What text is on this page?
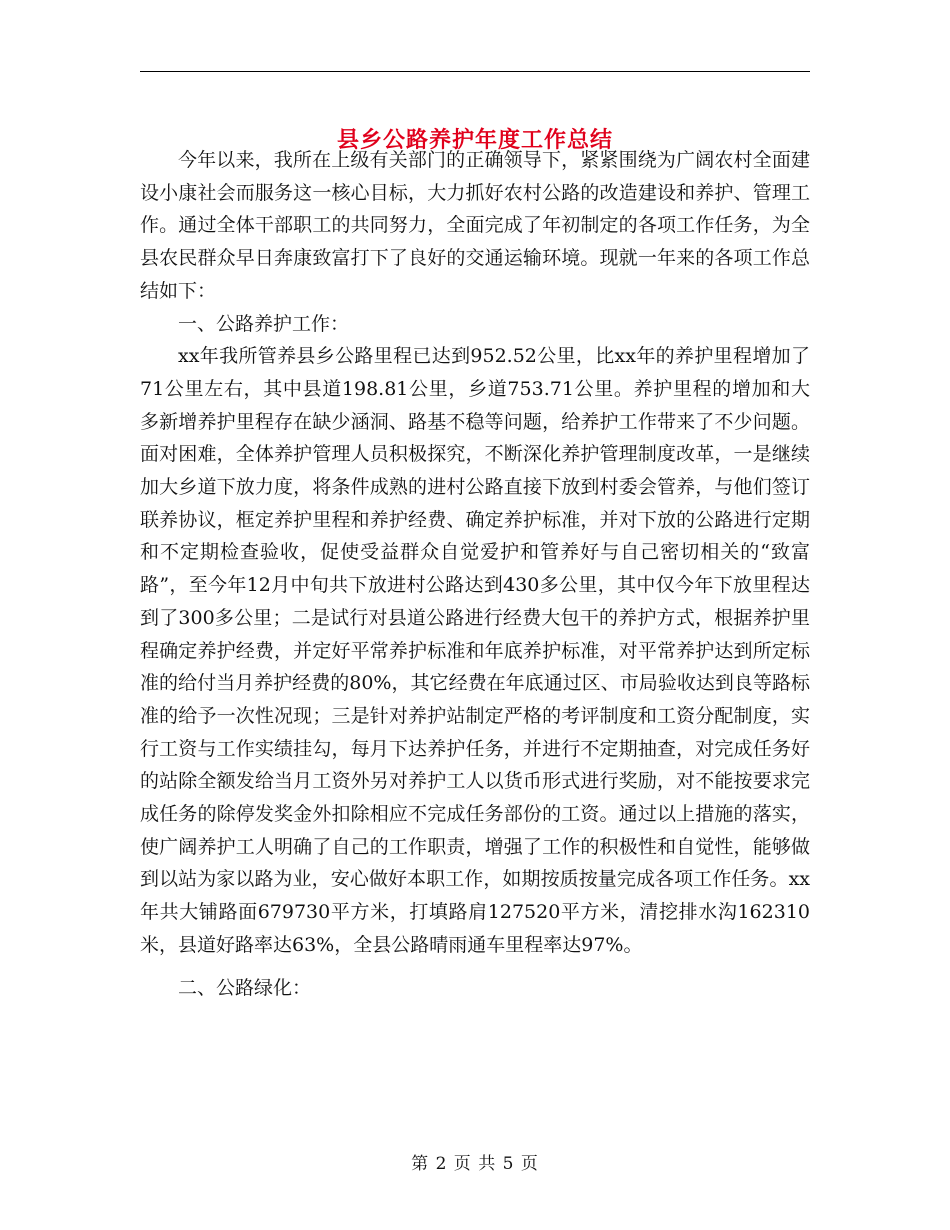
县乡公路养护年度工作总结

今年以来，我所在上级有关部门的正确领导下，紧紧围绕为广阔农村全面建设小康社会而服务这一核心目标，大力抓好农村公路的改造建设和养护、管理工作。通过全体干部职工的共同努力，全面完成了年初制定的各项工作任务，为全县农民群众早日奔康致富打下了良好的交通运输环境。现就一年来的各项工作总结如下：

一、公路养护工作：

xx年我所管养县乡公路里程已达到952.52公里，比xx年的养护里程增加了71公里左右，其中县道198.81公里，乡道753.71公里。养护里程的增加和大多新增养护里程存在缺少涵洞、路基不稳等问题，给养护工作带来了不少问题。面对困难，全体养护管理人员积极探究，不断深化养护管理制度改革，一是继续加大乡道下放力度，将条件成熟的进村公路直接下放到村委会管养，与他们签订联养协议，框定养护里程和养护经费、确定养护标准，并对下放的公路进行定期和不定期检查验收，促使受益群众自觉爱护和管养好与自己密切相关的“致富路”，至今年12月中旬共下放进村公路达到430多公里，其中仅今年下放里程达到了300多公里；二是试行对县道公路进行经费大包干的养护方式，根据养护里程确定养护经费，并定好平常养护标准和年底养护标准，对平常养护达到所定标准的给付当月养护经费的80%，其它经费在年底通过区、市局验收达到良等路标准的给予一次性况现；三是针对养护站制定严格的考评制度和工资分配制度，实行工资与工作实绩挂勾，每月下达养护任务，并进行不定期抽查，对完成任务好的站除全额发给当月工资外另对养护工人以货币形式进行奖励，对不能按要求完成任务的除停发奖金外扣除相应不完成任务部份的工资。通过以上措施的落实，使广阔养护工人明确了自己的工作职责，增强了工作的积极性和自觉性，能够做到以站为家以路为业，安心做好本职工作，如期按质按量完成各项工作任务。xx年共大铺路面679730平方米，打填路肩127520平方米，清挖排水沟162310米，县道好路率达63%，全县公路晴雨通车里程率达97%。

二、公路绿化：

第 2 页 共 5 页
